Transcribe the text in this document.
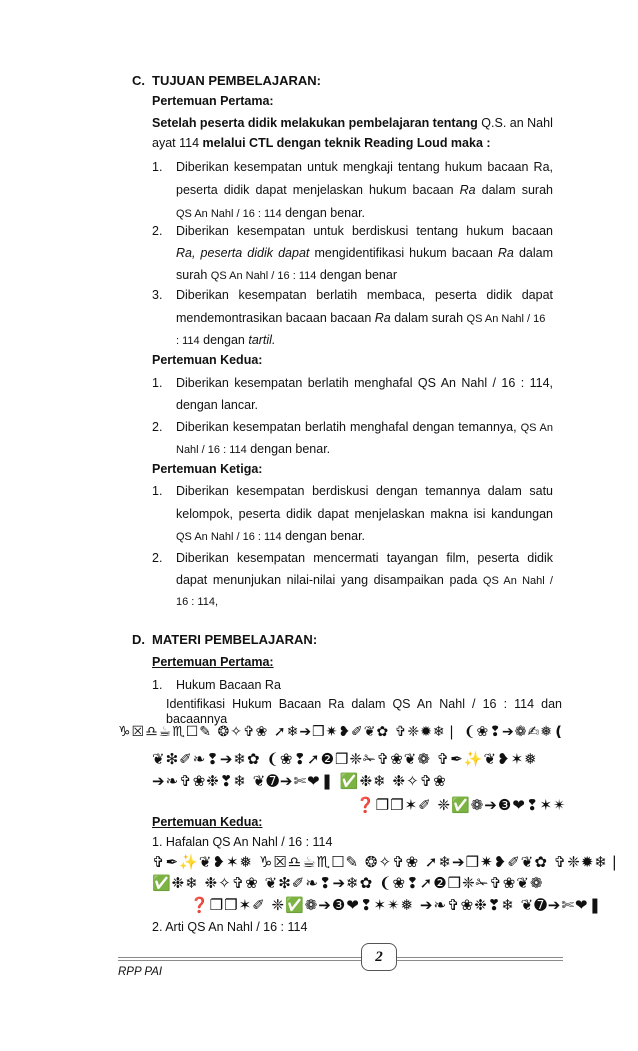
C. TUJUAN PEMBELAJARAN:
Pertemuan Pertama:
Setelah peserta didik melakukan pembelajaran tentang Q.S. an Nahl
ayat 114 melalui CTL dengan teknik Reading Loud maka :
1. Diberikan kesempatan untuk mengkaji tentang hukum bacaan Ra,
peserta didik dapat menjelaskan hukum bacaan Ra dalam surah
QS An Nahl / 16 : 114 dengan benar.
2. Diberikan kesempatan untuk berdiskusi tentang hukum bacaan
Ra, peserta didik dapat mengidentifikasi hukum bacaan Ra dalam
surah QS An Nahl / 16 : 114 dengan benar
3. Diberikan kesempatan berlatih membaca, peserta didik dapat
mendemontrasikan bacaan bacaan Ra dalam surah QS An Nahl / 16
: 114 dengan tartil.
Pertemuan Kedua:
1. Diberikan kesempatan berlatih menghafal QS An Nahl / 16 : 114,
dengan lancar.
2. Diberikan kesempatan berlatih menghafal dengan temannya, QS An
Nahl / 16 : 114 dengan benar.
Pertemuan Ketiga:
1. Diberikan kesempatan berdiskusi dengan temannya dalam satu
kelompok, peserta didik dapat menjelaskan makna isi kandungan
QS An Nahl / 16 : 114 dengan benar.
2. Diberikan kesempatan mencermati tayangan film, peserta didik
dapat menunjukan nilai-nilai yang disampaikan pada QS An Nahl /
16 : 114,
D. MATERI PEMBELAJARAN:
Pertemuan Pertama:
1. Hukum Bacaan Ra
Identifikasi Hukum Bacaan Ra dalam QS An Nahl / 16 : 114 dan
bacaannya
♑☒♎☕♏☐✎ ❂✧✞❀ ➚❄➔❒✷❥✐❦✿ ✞❈✹❄❘ ❨❀❢➔❁✍❅❪
❦❇✐❧❢➔❄✿ ❨❀❢➚❷❒❈✁✞❀❦❁ ✞✒✨❦❥✶❅
➔❧✞❀❉❣❄ ❦➐➔✄❤❚ ✅❉❄ ❉✧✞❀
❓❐❐✶✐ ❈✅❁➔❸❤❢✶✴
Pertemuan Kedua:
1. Hafalan QS An Nahl / 16 : 114
✞✒✨❦❥✶❅ ♑☒♎☕♏☐✎ ❂✧✞❀ ➚❄➔❒✷❥✐❦✿ ✞❈✹❄❘
✅❉❄ ❉✧✞❀ ❦❇✐❧❢➔❄✿ ❨❀❢➚❷❒❈✁✞❀❦❁
❓❐❐✶✐ ❈✅❁➔❸❤❢✶✴❅ ➔❧✞❀❉❣❄ ❦➐➔✄❤❚
2. Arti QS An Nahl / 16 : 114
2
RPP PAI
